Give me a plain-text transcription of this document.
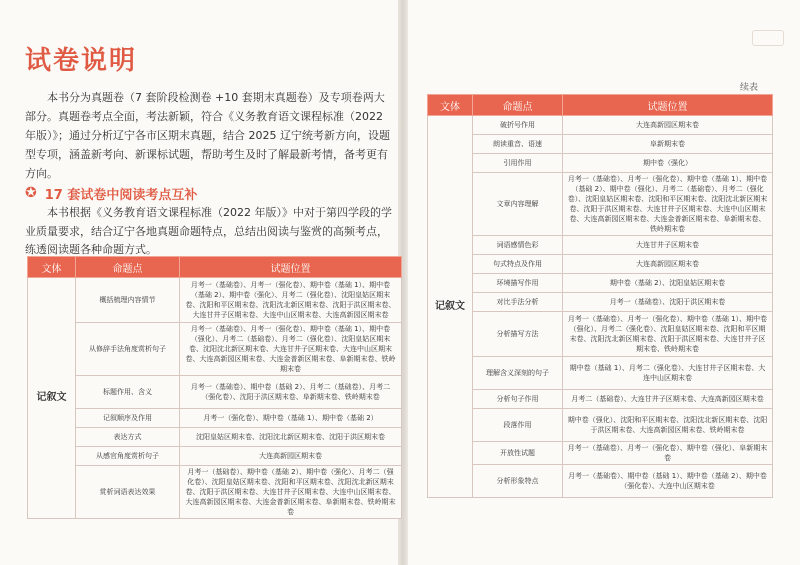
试卷说明

本书分为真题卷（7 套阶段检测卷 +10 套期末真题卷）及专项卷两大部分。真题卷考点全面，考法新颖，符合《义务教育语文课程标准（2022 年版）》；通过分析辽宁各市区期末真题，结合 2025 辽宁统考新方向，设题型专项，涵盖新考向、新课标试题，帮助考生及时了解最新考情，备考更有方向。

✪ 17 套试卷中阅读考点互补

本书根据《义务教育语文课程标准（2022 年版）》中对于第四学段的学业质量要求，结合辽宁各地真题命题特点，总结出阅读与鉴赏的高频考点，练透阅读题各种命题方式。

文体	命题点	试题位置
记叙文	概括梳理内容情节	月考一（基础卷）、月考一（强化卷）、期中卷（基础 1）、期中卷（基础 2）、期中卷（强化）、月考二（强化卷）、沈阳皇姑区期末卷、沈阳和平区期末卷、沈阳沈北新区期末卷、沈阳于洪区期末卷、大连甘井子区期末卷、大连中山区期末卷、大连高新园区期末卷
	从修辞手法角度赏析句子	月考一（基础卷）、月考一（强化卷）、期中卷（基础 1）、期中卷（强化）、月考二（基础卷）、月考二（强化卷）、沈阳皇姑区期末卷、沈阳沈北新区期末卷、大连甘井子区期末卷、大连中山区期末卷、大连高新园区期末卷、大连金普新区期末卷、阜新期末卷、铁岭期末卷
	标题作用、含义	月考一（基础卷）、期中卷（基础 2）、月考二（基础卷）、月考二（强化卷）、沈阳于洪区期末卷、阜新期末卷、铁岭期末卷
	记叙顺序及作用	月考一（强化卷）、期中卷（基础 1）、期中卷（基础 2）
	表达方式	沈阳皇姑区期末卷、沈阳沈北新区期末卷、沈阳于洪区期末卷
	从感官角度赏析句子	大连高新园区期末卷
	赏析词语表达效果	月考一（基础卷）、期中卷（基础 2）、期中卷（强化）、月考二（强化卷）、沈阳皇姑区期末卷、沈阳和平区期末卷、沈阳沈北新区期末卷、沈阳于洪区期末卷、大连甘井子区期末卷、大连中山区期末卷、大连高新园区期末卷、大连金普新区期末卷、阜新期末卷、铁岭期末卷

续表

文体	命题点	试题位置
记叙文	破折号作用	大连高新园区期末卷
	朗读重音、语速	阜新期末卷
	引用作用	期中卷（强化）
	文章内容理解	月考一（基础卷）、月考一（强化卷）、期中卷（基础 1）、期中卷（基础 2）、期中卷（强化）、月考二（基础卷）、月考二（强化卷）、沈阳皇姑区期末卷、沈阳和平区期末卷、沈阳沈北新区期末卷、沈阳于洪区期末卷、大连甘井子区期末卷、大连中山区期末卷、大连高新园区期末卷、大连金普新区期末卷、阜新期末卷、铁岭期末卷
	词语感情色彩	大连甘井子区期末卷
	句式特点及作用	大连高新园区期末卷
	环境描写作用	期中卷（基础 2）、沈阳皇姑区期末卷
	对比手法分析	月考一（基础卷）、沈阳于洪区期末卷
	分析描写方法	月考一（基础卷）、月考一（强化卷）、期中卷（基础 1）、期中卷（强化）、月考二（强化卷）、沈阳皇姑区期末卷、沈阳和平区期末卷、沈阳沈北新区期末卷、沈阳于洪区期末卷、大连甘井子区期末卷、铁岭期末卷
	理解含义深刻的句子	期中卷（基础 1）、月考二（强化卷）、大连甘井子区期末卷、大连中山区期末卷
	分析句子作用	月考二（基础卷）、大连甘井子区期末卷、大连高新园区期末卷
	段落作用	期中卷（强化）、沈阳和平区期末卷、沈阳沈北新区期末卷、沈阳于洪区期末卷、大连高新园区期末卷、铁岭期末卷
	开放性试题	月考一（基础卷）、月考一（强化卷）、期中卷（强化）、阜新期末卷
	分析形象特点	月考一（基础卷）、期中卷（基础 1）、期中卷（基础 2）、期中卷（强化卷）、大连中山区期末卷
